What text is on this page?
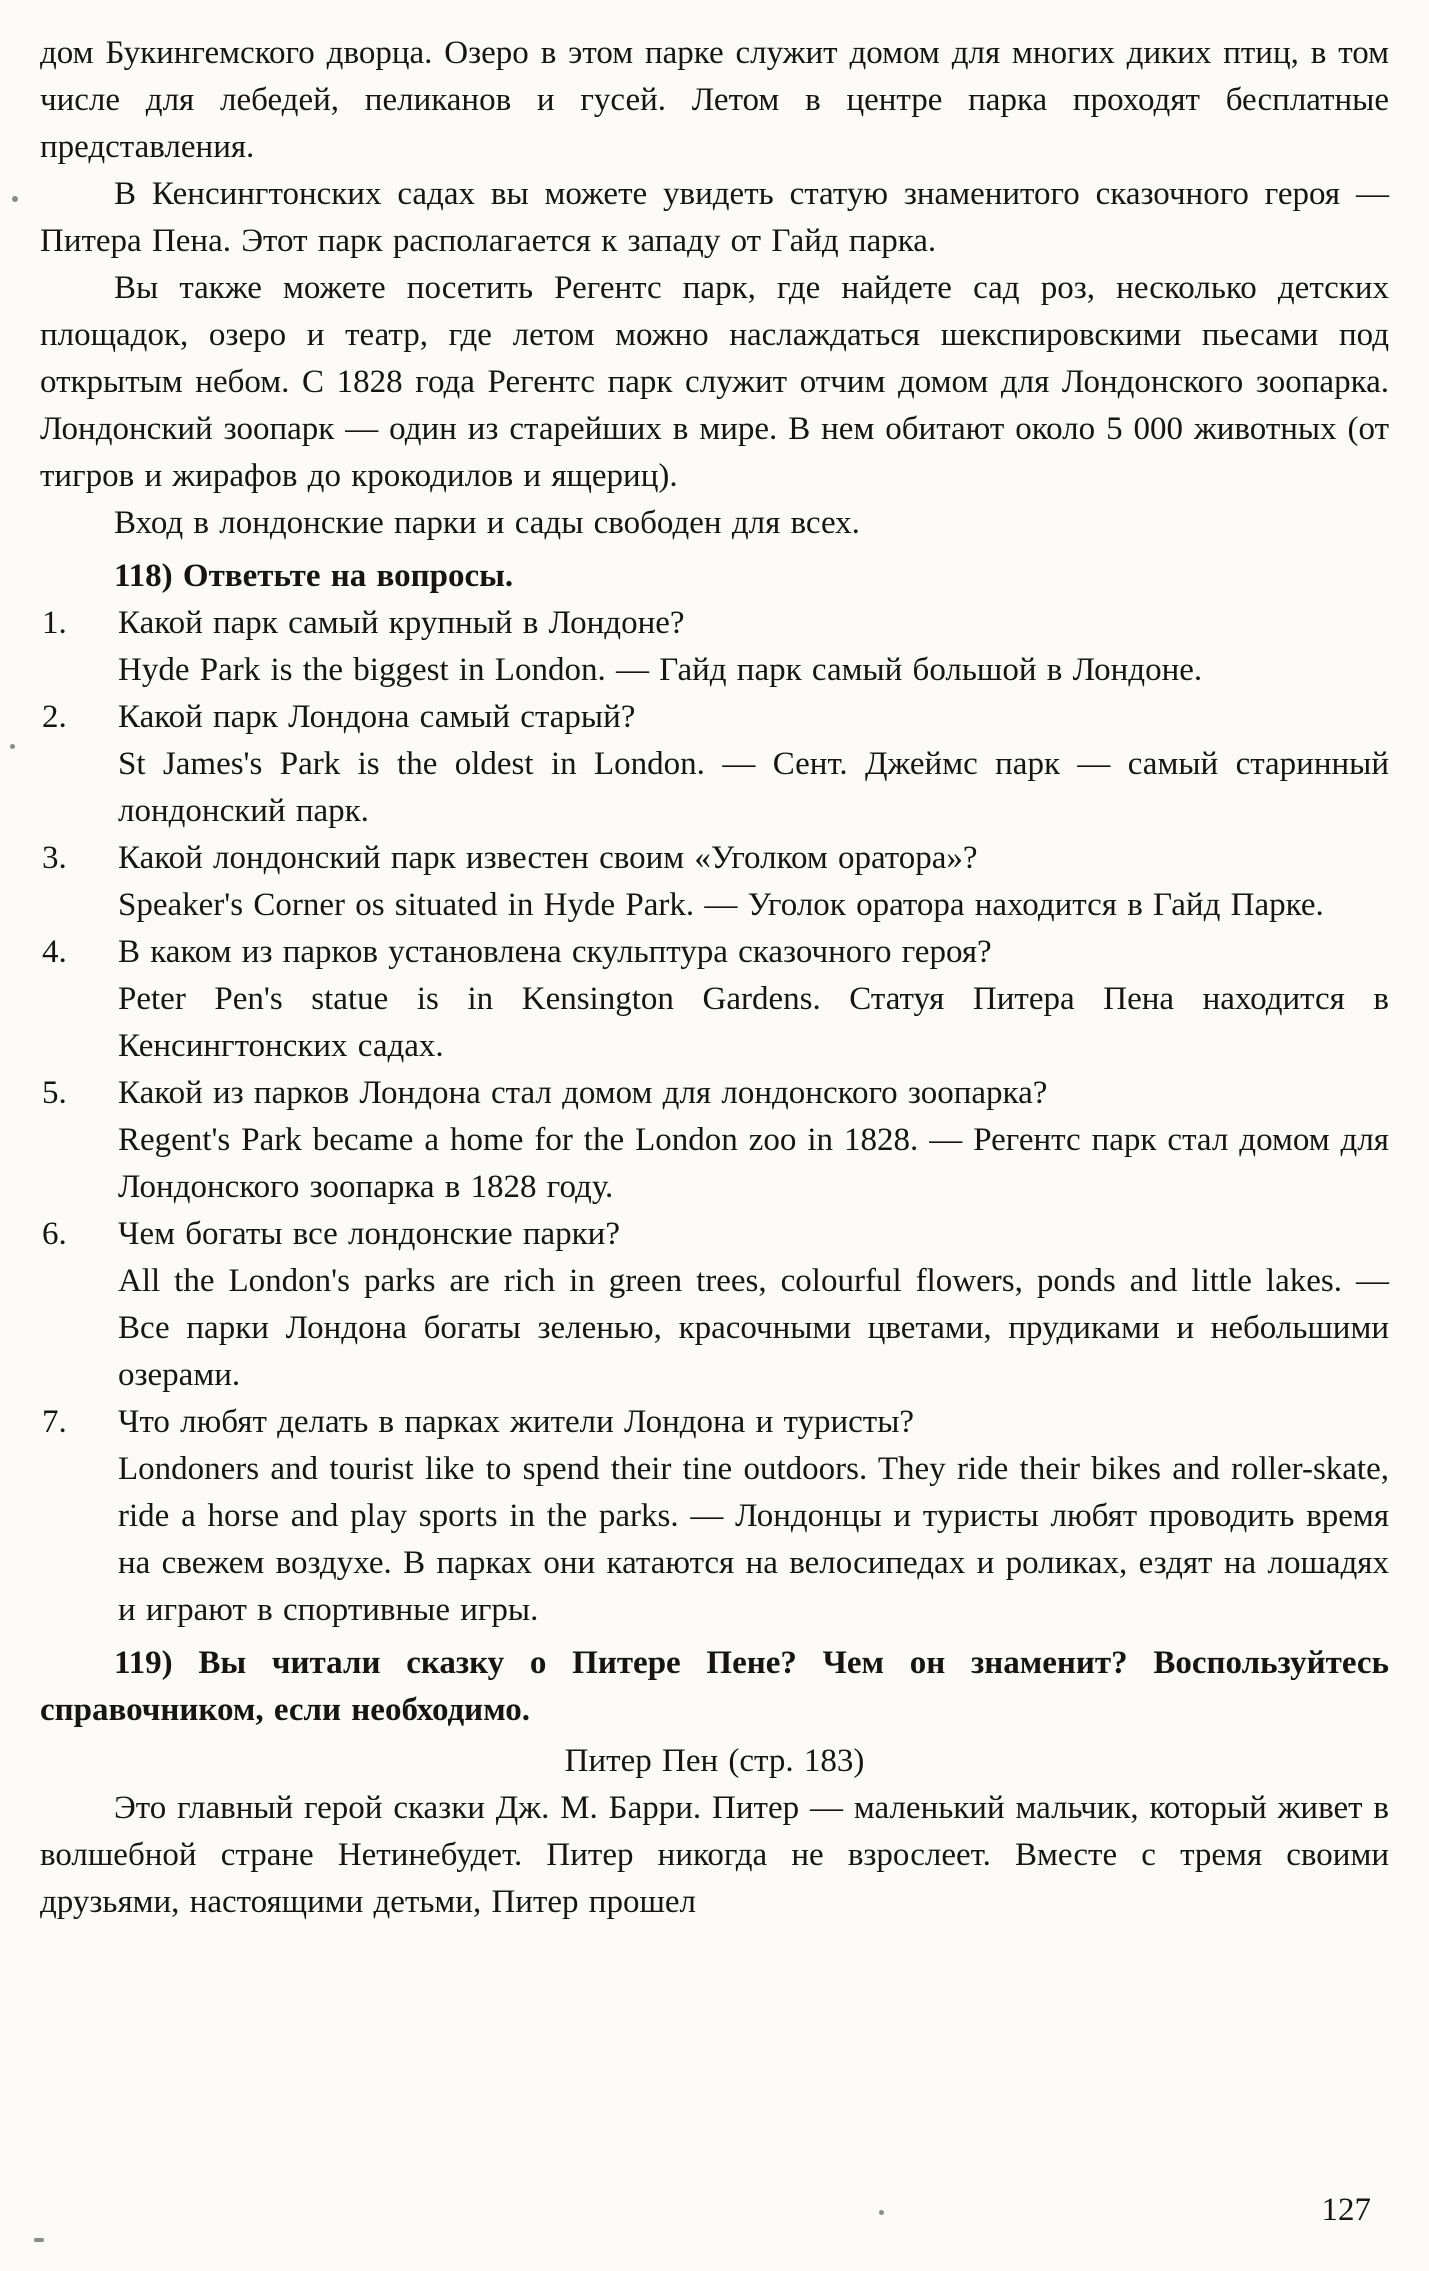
дом Букингемского дворца. Озеро в этом парке служит домом для многих диких птиц, в том числе для лебедей, пеликанов и гусей. Летом в центре парка проходят бесплатные представления.

В Кенсингтонских садах вы можете увидеть статую знаменитого сказочного героя — Питера Пена. Этот парк располагается к западу от Гайд парка.

Вы также можете посетить Регентс парк, где найдете сад роз, несколько детских площадок, озеро и театр, где летом можно наслаждаться шекспировскими пьесами под открытым небом. С 1828 года Регентс парк служит отчим домом для Лондонского зоопарка. Лондонский зоопарк — один из старейших в мире. В нем обитают около 5 000 животных (от тигров и жирафов до крокодилов и ящериц).

Вход в лондонские парки и сады свободен для всех.

118) Ответьте на вопросы.

1. Какой парк самый крупный в Лондоне?
Hyde Park is the biggest in London. — Гайд парк самый большой в Лондоне.
2. Какой парк Лондона самый старый?
St James's Park is the oldest in London. — Сент. Джеймс парк — самый старинный лондонский парк.
3. Какой лондонский парк известен своим «Уголком оратора»?
Speaker's Corner os situated in Hyde Park. — Уголок оратора находится в Гайд Парке.
4. В каком из парков установлена скульптура сказочного героя?
Peter Pen's statue is in Kensington Gardens. Статуя Питера Пена находится в Кенсингтонских садах.
5. Какой из парков Лондона стал домом для лондонского зоопарка?
Regent's Park became a home for the London zoo in 1828. — Регентс парк стал домом для Лондонского зоопарка в 1828 году.
6. Чем богаты все лондонские парки?
All the London's parks are rich in green trees, colourful flowers, ponds and little lakes. — Все парки Лондона богаты зеленью, красочными цветами, прудиками и небольшими озерами.
7. Что любят делать в парках жители Лондона и туристы?
Londoners and tourist like to spend their tine outdoors. They ride their bikes and roller-skate, ride a horse and play sports in the parks. — Лондонцы и туристы любят проводить время на свежем воздухе. В парках они катаются на велосипедах и роликах, ездят на лошадях и играют в спортивные игры.

119) Вы читали сказку о Питере Пене? Чем он знаменит? Воспользуйтесь справочником, если необходимо.

Питер Пен (стр. 183)

Это главный герой сказки Дж. М. Барри. Питер — маленький мальчик, который живет в волшебной стране Нетинебудет. Питер никогда не взрослеет. Вместе с тремя своими друзьями, настоящими детьми, Питер прошел

127
